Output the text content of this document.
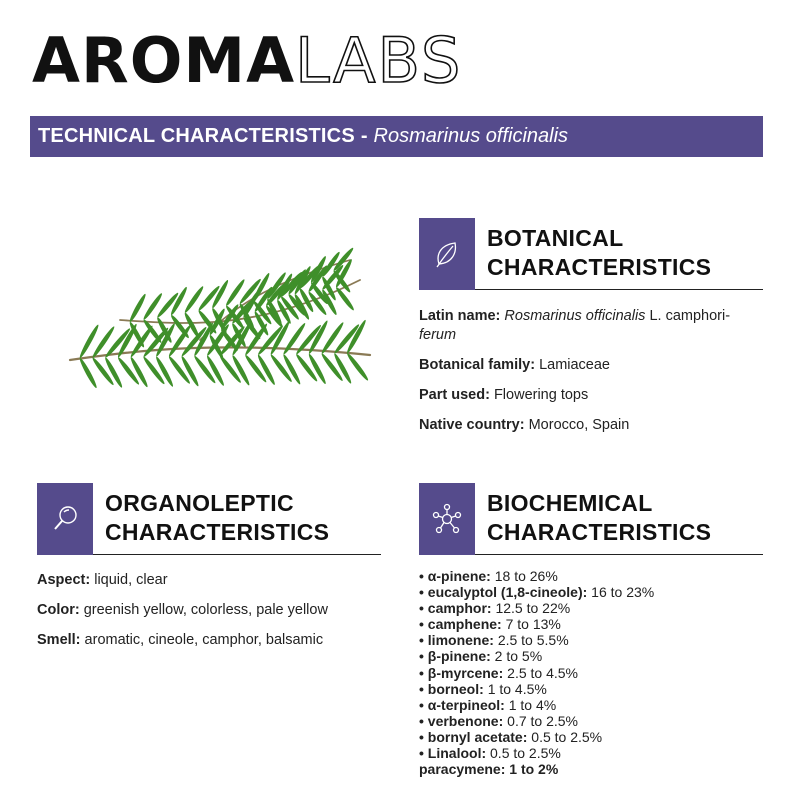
AROMA LABS
TECHNICAL CHARACTERISTICS - Rosmarinus officinalis
BOTANICAL
CHARACTERISTICS
Latin name: Rosmarinus officinalis L. camphori-
ferum
Botanical family: Lamiaceae
Part used: Flowering tops
Native country: Morocco, Spain
ORGANOLEPTIC
CHARACTERISTICS
Aspect: liquid, clear
Color: greenish yellow, colorless, pale yellow
Smell: aromatic, cineole, camphor, balsamic
BIOCHEMICAL
CHARACTERISTICS
• α-pinene: 18 to 26%
• eucalyptol (1,8-cineole): 16 to 23%
• camphor: 12.5 to 22%
• camphene: 7 to 13%
• limonene: 2.5 to 5.5%
• β-pinene: 2 to 5%
• β-myrcene: 2.5 to 4.5%
• borneol: 1 to 4.5%
• α-terpineol: 1 to 4%
• verbenone: 0.7 to 2.5%
• bornyl acetate: 0.5 to 2.5%
• Linalool: 0.5 to 2.5%
paracymene: 1 to 2%
